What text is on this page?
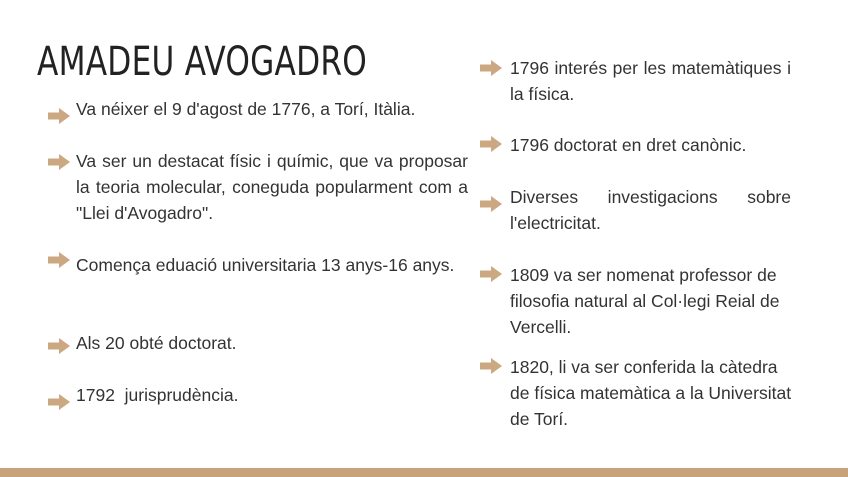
AMADEU AVOGADRO
Va néixer el 9 d'agost de 1776, a Torí, Itàlia.
Va ser un destacat físic i químic, que va proposar la teoria molecular, coneguda popularment com a "Llei d'Avogadro".
Comença eduació universitaria 13 anys-16 anys.
Als 20 obté doctorat.
1792  jurisprudència.
1796 interés per les matemàtiques i la física.
1796 doctorat en dret canònic.
Diverses investigacions sobre l'electricitat.
1809 va ser nomenat professor de filosofia natural al Col·legi Reial de Vercelli.
1820, li va ser conferida la càtedra de física matemàtica a la Universitat de Torí.
